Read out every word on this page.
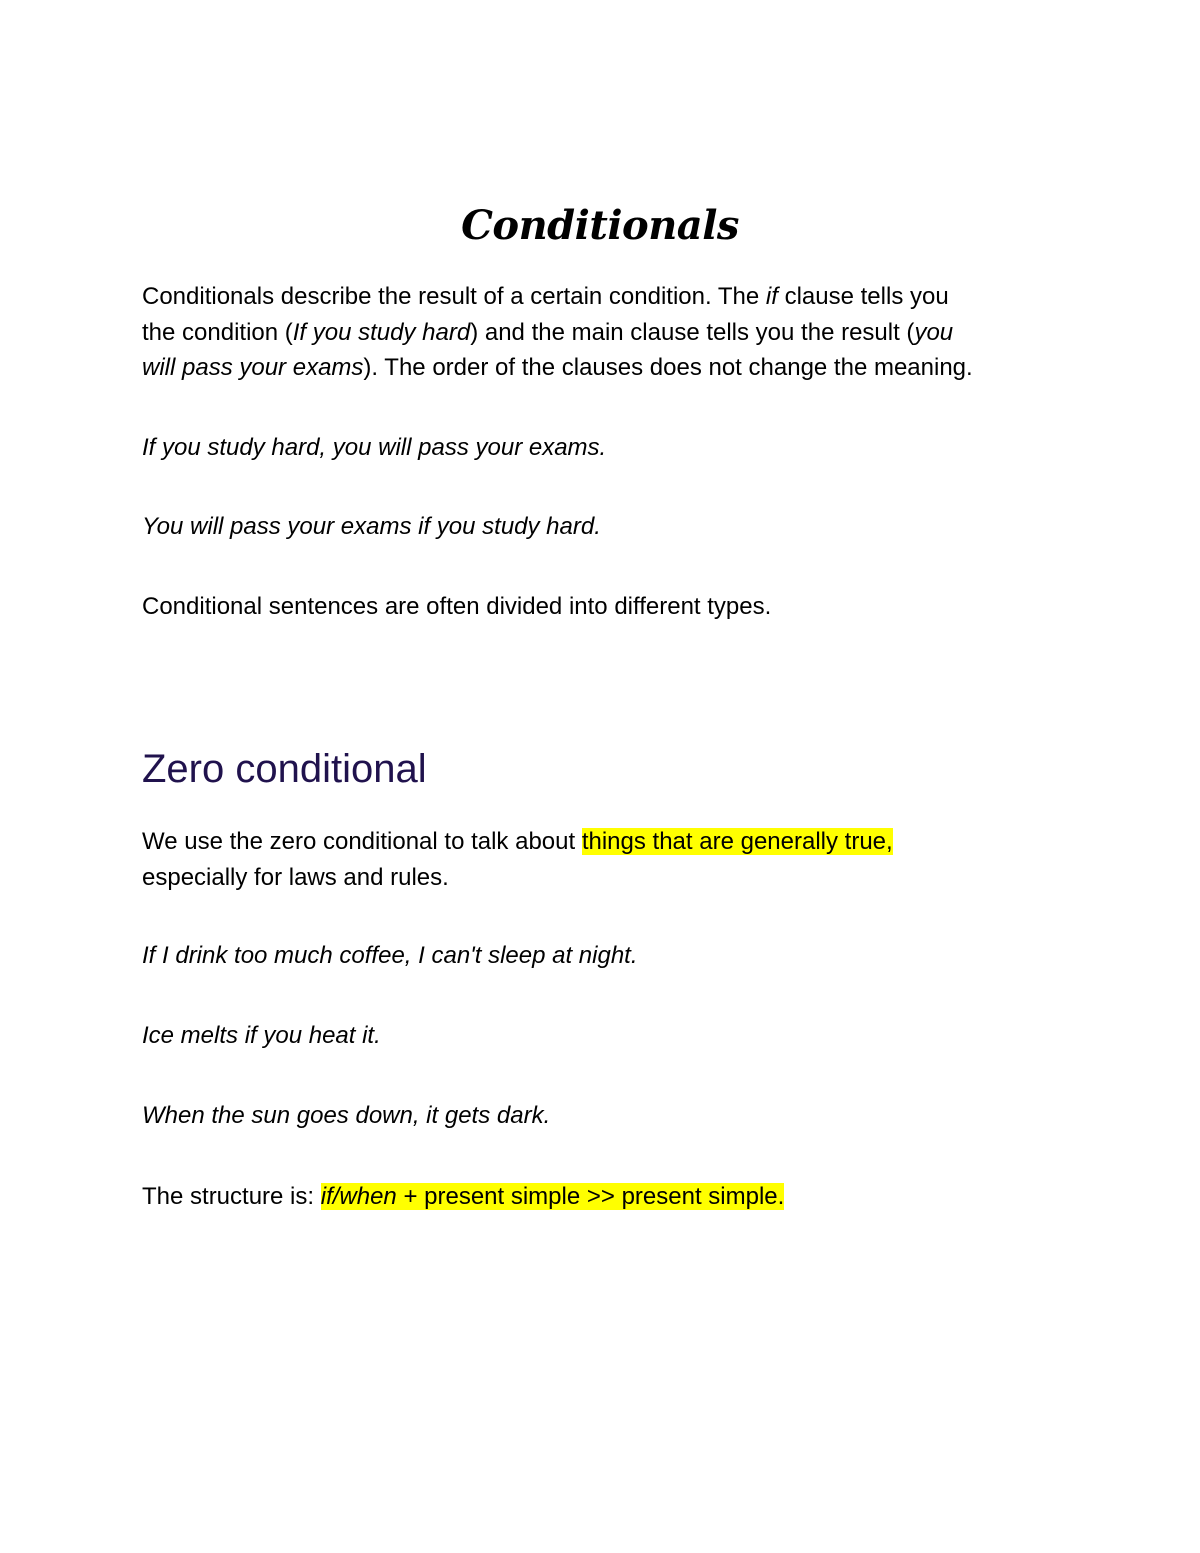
Conditionals

Conditionals describe the result of a certain condition. The if clause tells you
the condition (If you study hard) and the main clause tells you the result (you
will pass your exams). The order of the clauses does not change the meaning.

If you study hard, you will pass your exams.

You will pass your exams if you study hard.

Conditional sentences are often divided into different types.

Zero conditional

We use the zero conditional to talk about things that are generally true,
especially for laws and rules.

If I drink too much coffee, I can't sleep at night.

Ice melts if you heat it.

When the sun goes down, it gets dark.

The structure is: if/when + present simple >> present simple.
